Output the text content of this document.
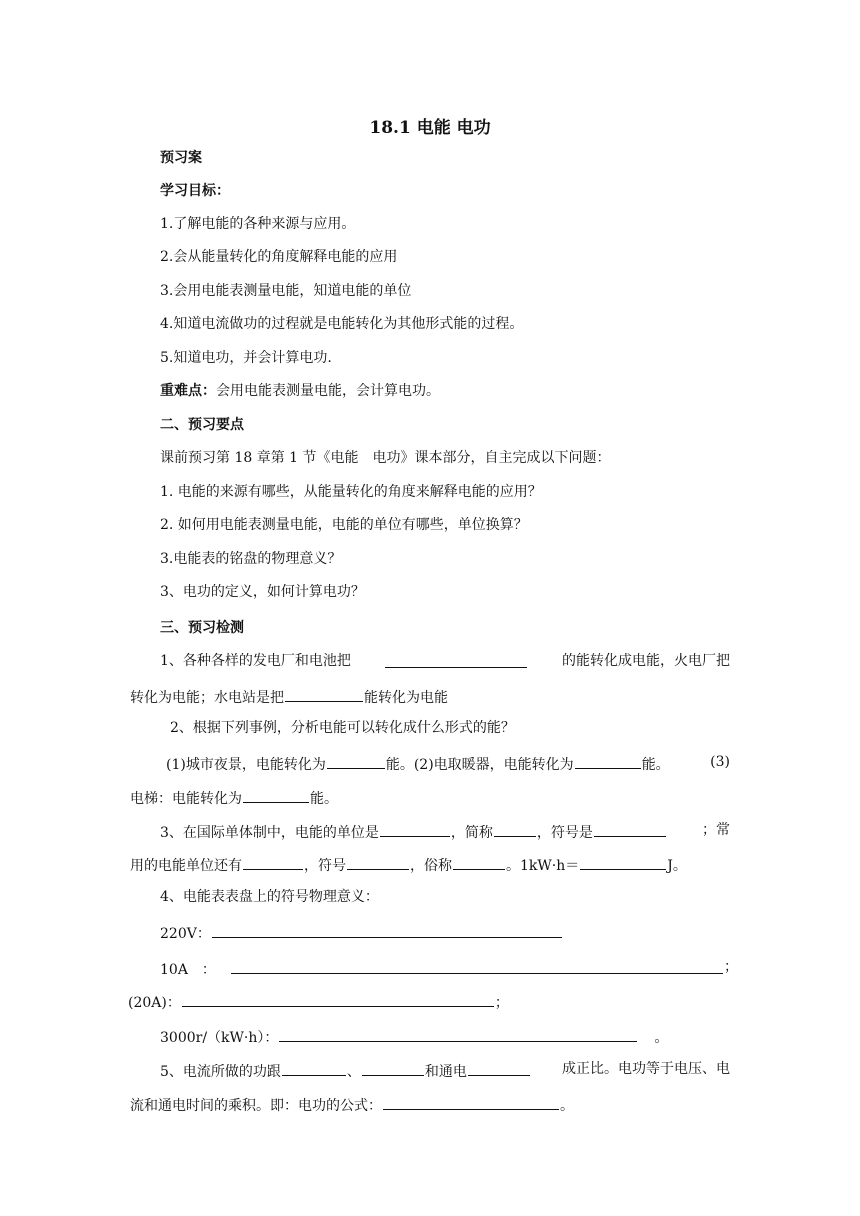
18.1 电能 电功
预习案
学习目标：
1.了解电能的各种来源与应用。
2.会从能量转化的角度解释电能的应用
3.会用电能表测量电能，知道电能的单位
4.知道电流做功的过程就是电能转化为其他形式能的过程。
5.知道电功，并会计算电功.
重难点：会用电能表测量电能，会计算电功。
二、预习要点
课前预习第 18 章第 1 节《电能　电功》课本部分，自主完成以下问题：
1. 电能的来源有哪些，从能量转化的角度来解释电能的应用？
2. 如何用电能表测量电能，电能的单位有哪些，单位换算？
3.电能表的铭盘的物理意义？
3、电功的定义，如何计算电功？
三、预习检测
1、各种各样的发电厂和电池把	的能转化成电能，火电厂把
转化为电能；水电站是把	能转化为电能
2、根据下列事例，分析电能可以转化成什么形式的能？
(1)城市夜景，电能转化为	能。(2)电取暖器，电能转化为	能。	(3)
电梯：电能转化为	能。
3、在国际单体制中，电能的单位是	，简称	，符号是	；常
用的电能单位还有	，符号	，俗称	。1kW·h＝	J。
4、电能表表盘上的符号物理意义：
220V：
10A　：	；
(20A)：	；
3000r/（kW·h）：	。
5、电流所做的功跟	、	和通电	成正比。电功等于电压、电
流和通电时间的乘积。即：电功的公式：	。
